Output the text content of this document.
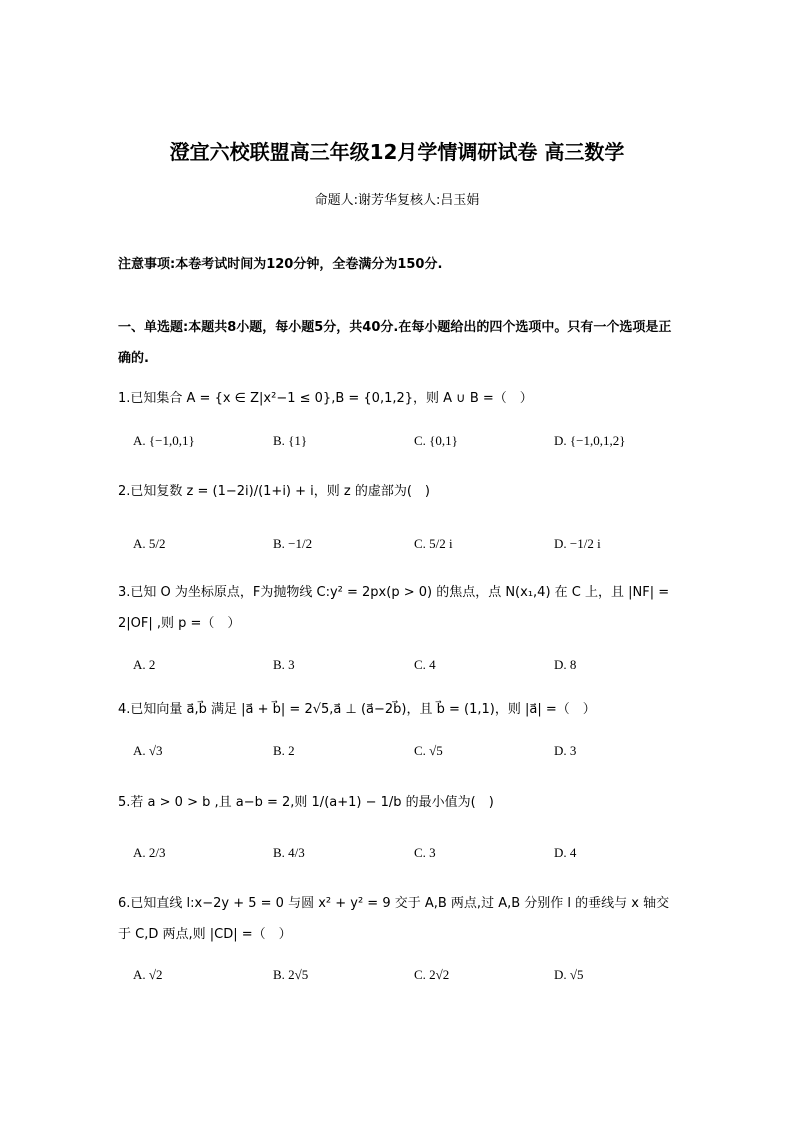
澄宜六校联盟高三年级12月学情调研试卷 高三数学
命题人:谢芳华复核人:吕玉娟
注意事项:本卷考试时间为120分钟，全卷满分为150分.
一、单选题:本题共8小题，每小题5分，共40分.在每小题给出的四个选项中。只有一个选项是正确的.
1.已知集合 A = {x ∈ Z|x²−1 ≤ 0},B = {0,1,2}，则 A ∪ B =（　）
A. {−1,0,1}	B. {1}	C. {0,1}	D. {−1,0,1,2}
2.已知复数 z = (1−2i)/(1+i) + i，则 z 的虚部为(　)
A. 5/2	B. −1/2	C. 5/2 i	D. −1/2 i
3.已知 O 为坐标原点，F为抛物线 C:y² = 2px(p > 0) 的焦点，点 N(x₁,4) 在 C 上，且 |NF| = 2|OF| ,则 p =（　）
A. 2	B. 3	C. 4	D. 8
4.已知向量 a⃗,b⃗ 满足 |a⃗ + b⃗| = 2√5,a⃗ ⊥ (a⃗−2b⃗)，且 b⃗ = (1,1)，则 |a⃗| =（　）
A. √3	B. 2	C. √5	D. 3
5.若 a > 0 > b ,且 a−b = 2,则 1/(a+1) − 1/b 的最小值为(　)
A. 2/3	B. 4/3	C. 3	D. 4
6.已知直线 l:x−2y + 5 = 0 与圆 x² + y² = 9 交于 A,B 两点,过 A,B 分别作 l 的垂线与 x 轴交于 C,D 两点,则 |CD| =（　）
A. √2	B. 2√5	C. 2√2	D. √5
